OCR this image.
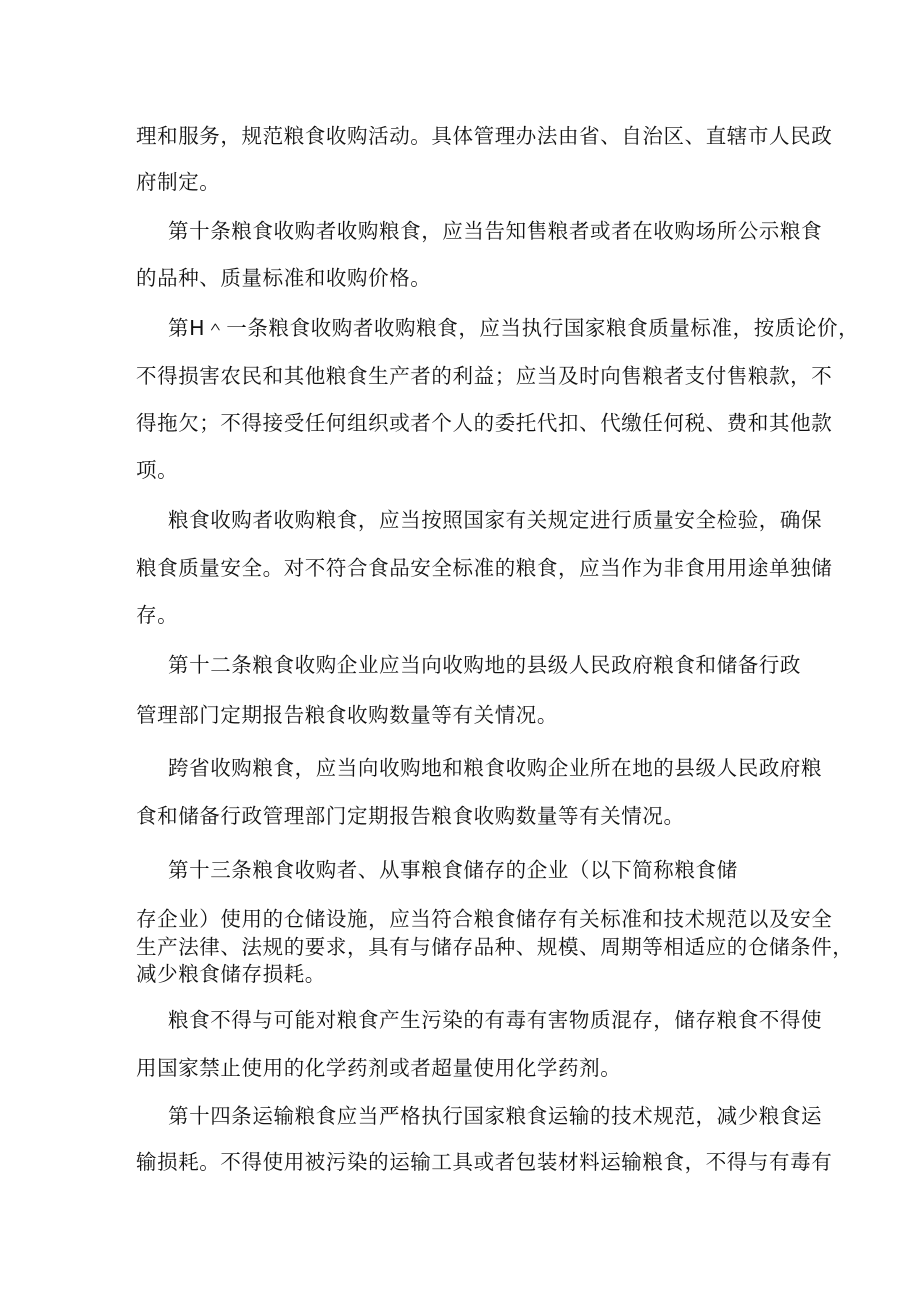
理和服务，规范粮食收购活动。具体管理办法由省、自治区、直辖市人民政
府制定。
第十条粮食收购者收购粮食，应当告知售粮者或者在收购场所公示粮食
的品种、质量标准和收购价格。
第H＾一条粮食收购者收购粮食，应当执行国家粮食质量标准，按质论价，
不得损害农民和其他粮食生产者的利益；应当及时向售粮者支付售粮款，不
得拖欠；不得接受任何组织或者个人的委托代扣、代缴任何税、费和其他款
项。
粮食收购者收购粮食，应当按照国家有关规定进行质量安全检验，确保
粮食质量安全。对不符合食品安全标准的粮食，应当作为非食用用途单独储
存。
第十二条粮食收购企业应当向收购地的县级人民政府粮食和储备行政
管理部门定期报告粮食收购数量等有关情况。
跨省收购粮食，应当向收购地和粮食收购企业所在地的县级人民政府粮
食和储备行政管理部门定期报告粮食收购数量等有关情况。
第十三条粮食收购者、从事粮食储存的企业（以下简称粮食储
存企业）使用的仓储设施，应当符合粮食储存有关标准和技术规范以及安全
生产法律、法规的要求，具有与储存品种、规模、周期等相适应的仓储条件，
减少粮食储存损耗。
粮食不得与可能对粮食产生污染的有毒有害物质混存，储存粮食不得使
用国家禁止使用的化学药剂或者超量使用化学药剂。
第十四条运输粮食应当严格执行国家粮食运输的技术规范，减少粮食运
输损耗。不得使用被污染的运输工具或者包装材料运输粮食，不得与有毒有
